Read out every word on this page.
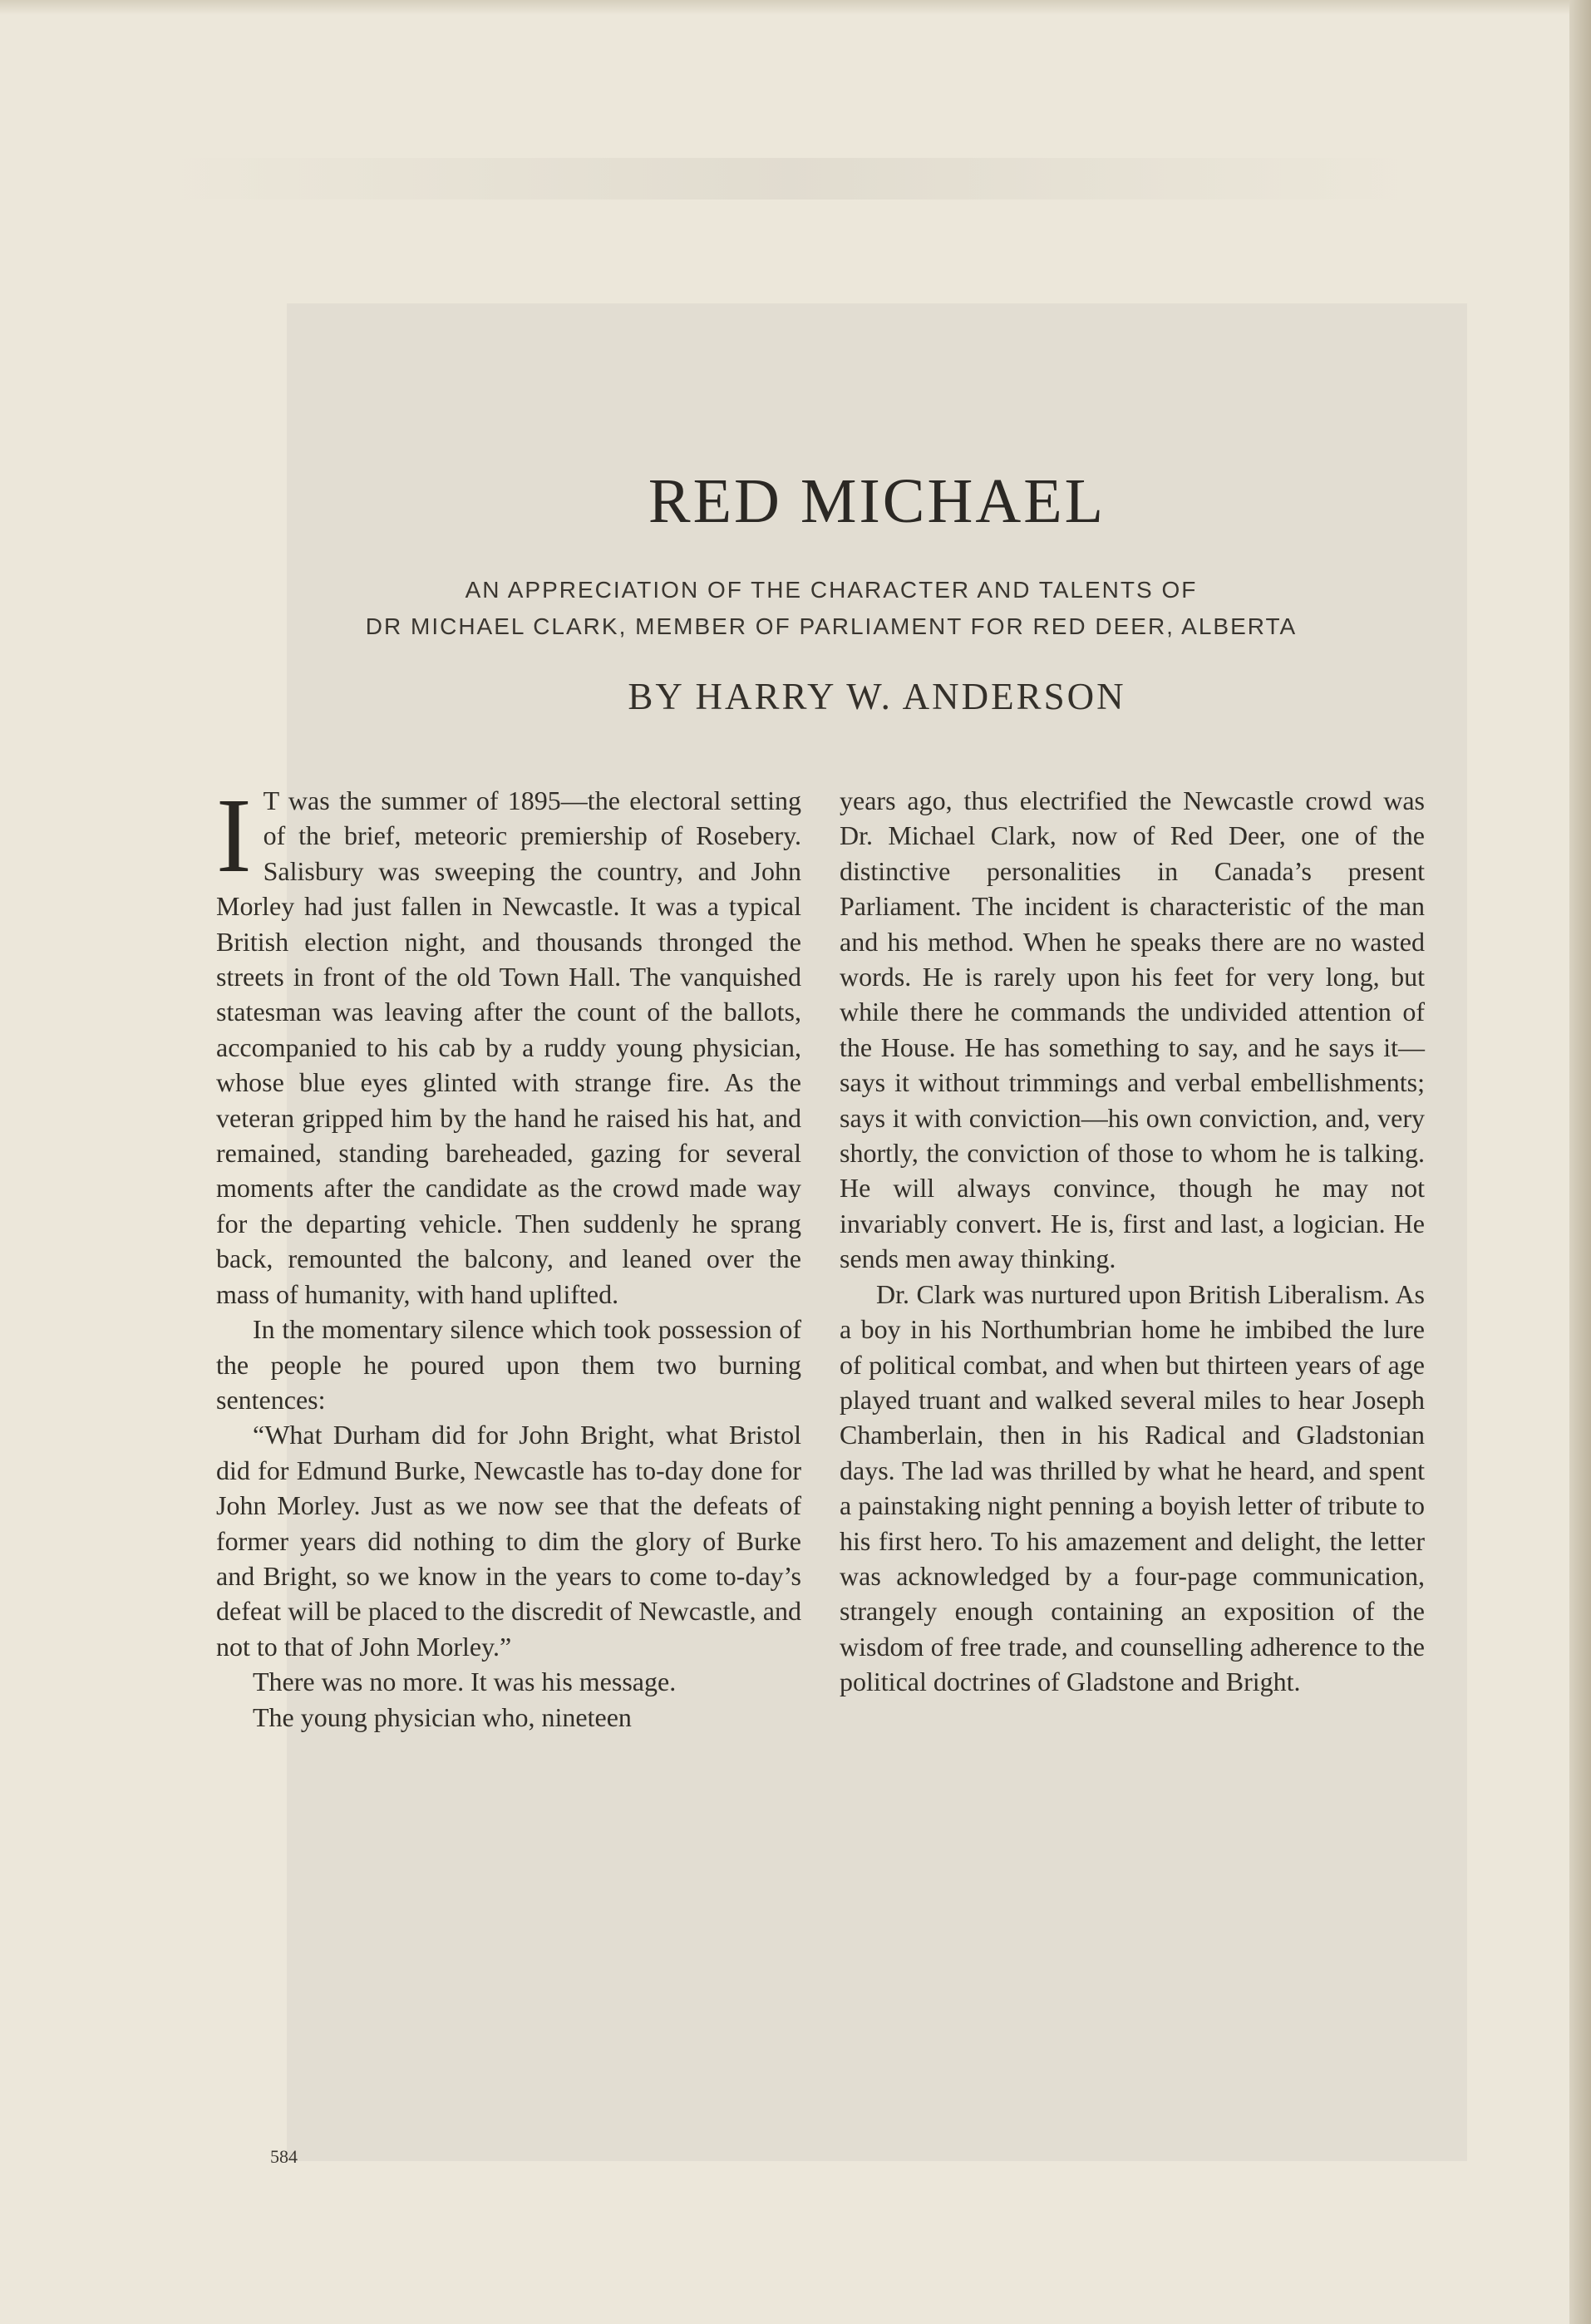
RED MICHAEL
AN APPRECIATION OF THE CHARACTER AND TALENTS OF
DR MICHAEL CLARK, MEMBER OF PARLIAMENT FOR RED DEER, ALBERTA
BY HARRY W. ANDERSON

I T was the summer of 1895—the electoral setting of the brief, meteoric premiership of Rosebery. Salisbury was sweeping the country, and John Morley had just fallen in Newcastle. It was a typical British election night, and thousands thronged the streets in front of the old Town Hall. The vanquished statesman was leaving after the count of the ballots, accompanied to his cab by a ruddy young physician, whose blue eyes glinted with strange fire. As the veteran gripped him by the hand he raised his hat, and remained, standing bareheaded, gazing for several moments after the candidate as the crowd made way for the departing vehicle. Then suddenly he sprang back, remounted the balcony, and leaned over the mass of humanity, with hand uplifted.

In the momentary silence which took possession of the people he poured upon them two burning sentences:

“What Durham did for John Bright, what Bristol did for Edmund Burke, Newcastle has to-day done for John Morley. Just as we now see that the defeats of former years did nothing to dim the glory of Burke and Bright, so we know in the years to come to-day’s defeat will be placed to the discredit of Newcastle, and not to that of John Morley.”

There was no more. It was his message.

The young physician who, nineteen

years ago, thus electrified the Newcastle crowd was Dr. Michael Clark, now of Red Deer, one of the distinctive personalities in Canada’s present Parliament. The incident is characteristic of the man and his method. When he speaks there are no wasted words. He is rarely upon his feet for very long, but while there he commands the undivided attention of the House. He has something to say, and he says it—says it without trimmings and verbal embellishments; says it with conviction—his own conviction, and, very shortly, the conviction of those to whom he is talking. He will always convince, though he may not invariably convert. He is, first and last, a logician. He sends men away thinking.

Dr. Clark was nurtured upon British Liberalism. As a boy in his Northumbrian home he imbibed the lure of political combat, and when but thirteen years of age played truant and walked several miles to hear Joseph Chamberlain, then in his Radical and Gladstonian days. The lad was thrilled by what he heard, and spent a painstaking night penning a boyish letter of tribute to his first hero. To his amazement and delight, the letter was acknowledged by a four-page communication, strangely enough containing an exposition of the wisdom of free trade, and counselling adherence to the political doctrines of Gladstone and Bright.

584
